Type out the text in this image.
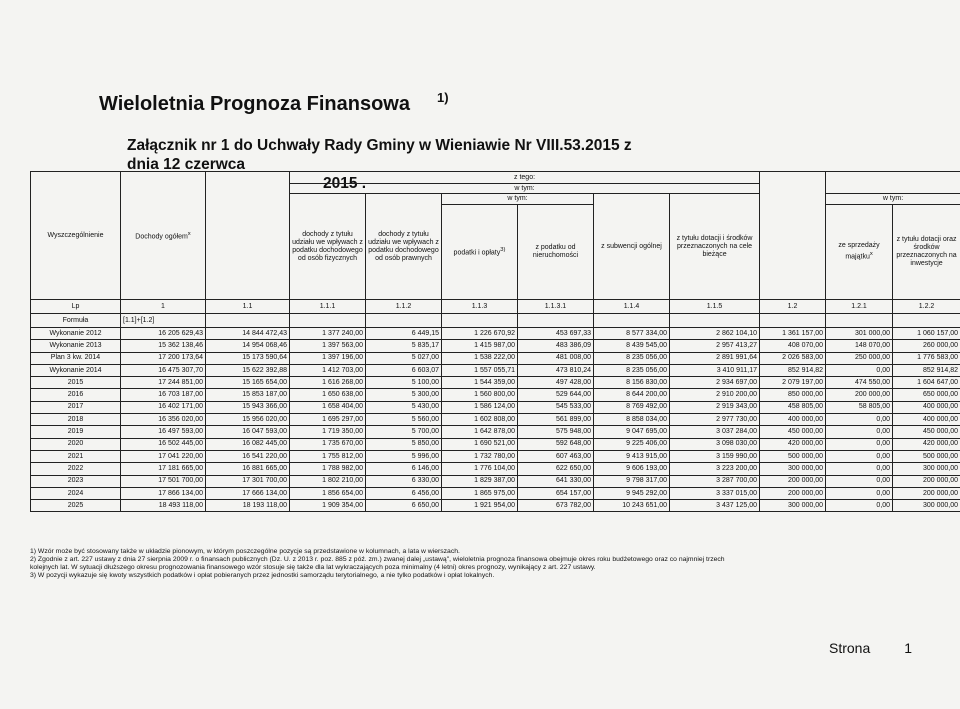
Wieloletnia Prognoza Finansowa 1)
Załącznik nr 1 do Uchwały Rady Gminy w Wieniawie Nr VIII.53.2015 z dnia 12 czerwca
2015 .
Wyszczególnienie	Dochody ogółem$^x$		z tego:								
			w tym:								
			dochody z tytułu udziału we wpływach z podatku dochodowego od osób fizycznych	dochody z tytułu udziału we wpływach z podatku dochodowego od osób prawnych	w tym:		z subwencji ogólnej	z tytułu dotacji i środków przeznaczonych na cele bieżące		w tym:	
					podatki i opłaty$^{3)}$	z podatku od nieruchomości				ze sprzedaży majątku$^x$	z tytułu dotacji oraz środków przeznaczonych na inwestycje
Lp	1	1.1	1.1.1	1.1.2	1.1.3	1.1.3.1	1.1.4	1.1.5	1.2	1.2.1	1.2.2
Formuła	[1.1]+[1.2]										
Wykonanie 2012	16 205 629,43	14 844 472,43	1 377 240,00	6 449,15	1 226 670,92	453 697,33	8 577 334,00	2 862 104,10	1 361 157,00	301 000,00	1 060 157,00
Wykonanie 2013	15 362 138,46	14 954 068,46	1 397 563,00	5 835,17	1 415 987,00	483 386,09	8 439 545,00	2 957 413,27	408 070,00	148 070,00	260 000,00
Plan 3 kw. 2014	17 200 173,64	15 173 590,64	1 397 196,00	5 027,00	1 538 222,00	481 008,00	8 235 056,00	2 891 991,64	2 026 583,00	250 000,00	1 776 583,00
Wykonanie 2014	16 475 307,70	15 622 392,88	1 412 703,00	6 603,07	1 557 055,71	473 810,24	8 235 056,00	3 410 911,17	852 914,82	0,00	852 914,82
2015	17 244 851,00	15 165 654,00	1 616 268,00	5 100,00	1 544 359,00	497 428,00	8 156 830,00	2 934 697,00	2 079 197,00	474 550,00	1 604 647,00
2016	16 703 187,00	15 853 187,00	1 650 638,00	5 300,00	1 560 800,00	529 644,00	8 644 200,00	2 910 200,00	850 000,00	200 000,00	650 000,00
2017	16 402 171,00	15 943 366,00	1 658 404,00	5 430,00	1 586 124,00	545 533,00	8 769 492,00	2 919 343,00	458 805,00	58 805,00	400 000,00
2018	16 356 020,00	15 956 020,00	1 695 297,00	5 560,00	1 602 808,00	561 899,00	8 858 034,00	2 977 730,00	400 000,00	0,00	400 000,00
2019	16 497 593,00	16 047 593,00	1 719 350,00	5 700,00	1 642 878,00	575 948,00	9 047 695,00	3 037 284,00	450 000,00	0,00	450 000,00
2020	16 502 445,00	16 082 445,00	1 735 670,00	5 850,00	1 690 521,00	592 648,00	9 225 406,00	3 098 030,00	420 000,00	0,00	420 000,00
2021	17 041 220,00	16 541 220,00	1 755 812,00	5 996,00	1 732 780,00	607 463,00	9 413 915,00	3 159 990,00	500 000,00	0,00	500 000,00
2022	17 181 665,00	16 881 665,00	1 788 982,00	6 146,00	1 776 104,00	622 650,00	9 606 193,00	3 223 200,00	300 000,00	0,00	300 000,00
2023	17 501 700,00	17 301 700,00	1 802 210,00	6 330,00	1 829 387,00	641 330,00	9 798 317,00	3 287 700,00	200 000,00	0,00	200 000,00
2024	17 866 134,00	17 666 134,00	1 856 654,00	6 456,00	1 865 975,00	654 157,00	9 945 292,00	3 337 015,00	200 000,00	0,00	200 000,00
2025	18 493 118,00	18 193 118,00	1 909 354,00	6 650,00	1 921 954,00	673 782,00	10 243 651,00	3 437 125,00	300 000,00	0,00	300 000,00
1) Wzór może być stosowany także w układzie pionowym, w którym poszczególne pozycje są przedstawione w kolumnach, a lata w wierszach.
2) Zgodnie z art. 227 ustawy z dnia 27 sierpnia 2009 r. o finansach publicznych (Dz. U. z 2013 r. poz. 885 z póź. zm.) zwanej dalej „ustawą", wieloletnia prognoza finansowa obejmuje okres roku budżetowego oraz co najmniej trzech
kolejnych lat. W sytuacji dłuższego okresu prognozowania finansowego wzór stosuje się także dla lat wykraczających poza minimalny (4 letni) okres prognozy, wynikający z art. 227 ustawy.
3) W pozycji wykazuje się kwoty wszystkich podatków i opłat pobieranych przez jednostki samorządu terytorialnego, a nie tylko podatków i opłat lokalnych.
Strona 1
